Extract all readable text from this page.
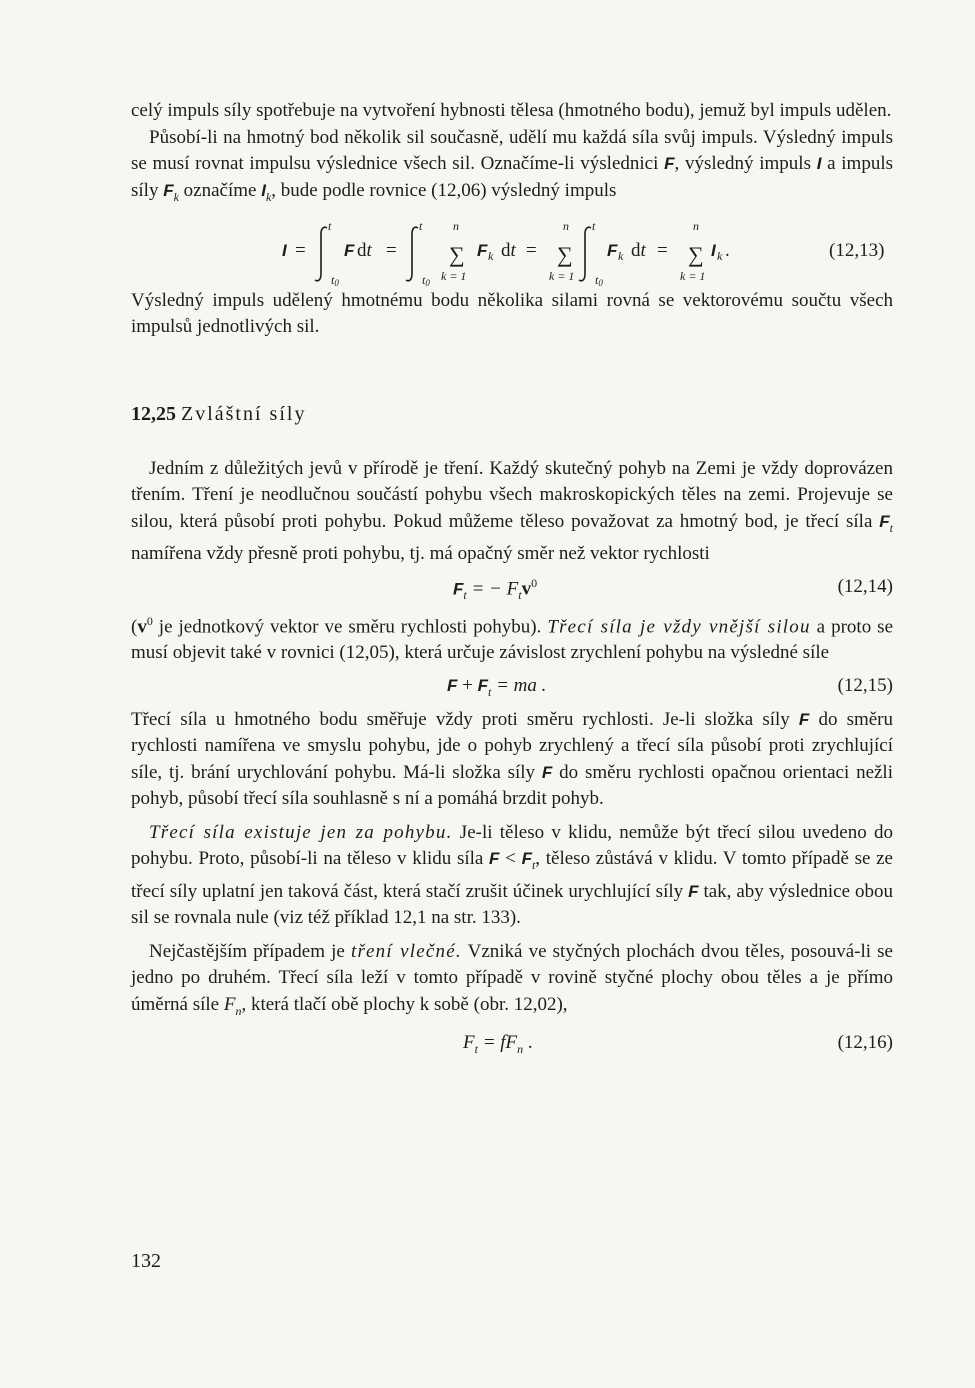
celý impuls síly spotřebuje na vytvoření hybnosti tělesa (hmotného bodu), jemuž byl impuls udělen.

Působí-li na hmotný bod několik sil současně, udělí mu každá síla svůj impuls. Výsledný impuls se musí rovnat impulsu výslednice všech sil. Označíme-li výslednici F, výsledný impuls I a impuls síly $F_k$ označíme $I_k$, bude podle rovnice (12,06) výsledný impuls

I =
t
t0
F dt =
t
t0
n
∑
k = 1
F k dt =
n
∑
k = 1
t
t0
F k dt =
n
∑
k = 1
I k .	(12,13)

Výsledný impuls udělený hmotnému bodu několika silami rovná se vektorovému součtu všech impulsů jednotlivých sil.

12,25 Zvláštní síly

Jedním z důležitých jevů v přírodě je tření. Každý skutečný pohyb na Zemi je vždy doprovázen třením. Tření je neodlučnou součástí pohybu všech makroskopických těles na zemi. Projevuje se silou, která působí proti pohybu. Pokud můžeme těleso považovat za hmotný bod, je třecí síla $F_t$ namířena vždy přesně proti pohybu, tj. má opačný směr než vektor rychlosti

$F_t$ = − $F_tv^0$	(12,14)

($v^0$ je jednotkový vektor ve směru rychlosti pohybu). Třecí síla je vždy vnější silou a proto se musí objevit také v rovnici (12,05), která určuje závislost zrychlení pohybu na výsledné síle

$F + F_t$ = ma .	(12,15)

Třecí síla u hmotného bodu směřuje vždy proti směru rychlosti. Je-li složka síly F do směru rychlosti namířena ve smyslu pohybu, jde o pohyb zrychlený a třecí síla působí proti zrychlující síle, tj. brání urychlování pohybu. Má-li složka síly F do směru rychlosti opačnou orientaci nežli pohyb, působí třecí síla souhlasně s ní a pomáhá brzdit pohyb.

Třecí síla existuje jen za pohybu. Je-li těleso v klidu, nemůže být třecí silou uvedeno do pohybu. Proto, působí-li na těleso v klidu síla $F < F_t$, těleso zůstává v klidu. V tomto případě se ze třecí síly uplatní jen taková část, která stačí zrušit účinek urychlující síly F tak, aby výslednice obou sil se rovnala nule (viz též příklad 12,1 na str. 133).

Nejčastějším případem je tření vlečné. Vzniká ve styčných plochách dvou těles, posouvá-li se jedno po druhém. Třecí síla leží v tomto případě v rovině styčné plochy obou těles a je přímo úměrná síle $F_n$, která tlačí obě plochy k sobě (obr. 12,02),

$F_t = fF_n$ .	(12,16)
132
